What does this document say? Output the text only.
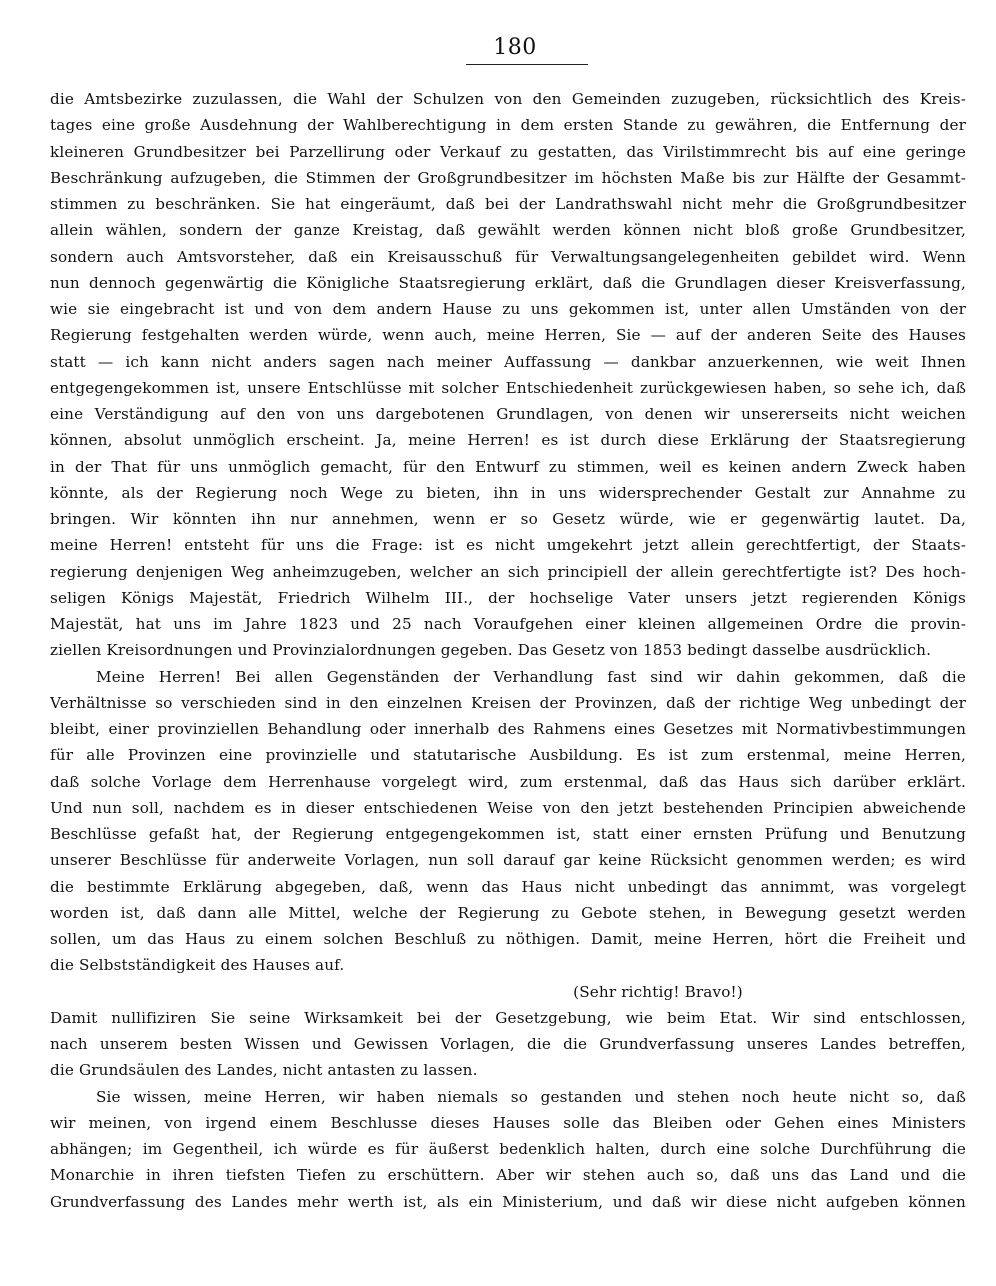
180
die Amtsbezirke zuzulassen, die Wahl der Schulzen von den Gemeinden zuzugeben, rücksichtlich des Kreis-
tages eine große Ausdehnung der Wahlberechtigung in dem ersten Stande zu gewähren, die Entfernung der
kleineren Grundbesitzer bei Parzellirung oder Verkauf zu gestatten, das Virilstimmrecht bis auf eine geringe
Beschränkung aufzugeben, die Stimmen der Großgrundbesitzer im höchsten Maße bis zur Hälfte der Gesammt-
stimmen zu beschränken. Sie hat eingeräumt, daß bei der Landrathswahl nicht mehr die Großgrundbesitzer
allein wählen, sondern der ganze Kreistag, daß gewählt werden können nicht bloß große Grundbesitzer,
sondern auch Amtsvorsteher, daß ein Kreisausschuß für Verwaltungsangelegenheiten gebildet wird. Wenn
nun dennoch gegenwärtig die Königliche Staatsregierung erklärt, daß die Grundlagen dieser Kreisverfassung,
wie sie eingebracht ist und von dem andern Hause zu uns gekommen ist, unter allen Umständen von der
Regierung festgehalten werden würde, wenn auch, meine Herren, Sie — auf der anderen Seite des Hauses
statt — ich kann nicht anders sagen nach meiner Auffassung — dankbar anzuerkennen, wie weit Ihnen
entgegengekommen ist, unsere Entschlüsse mit solcher Entschiedenheit zurückgewiesen haben, so sehe ich, daß
eine Verständigung auf den von uns dargebotenen Grundlagen, von denen wir unsererseits nicht weichen
können, absolut unmöglich erscheint. Ja, meine Herren! es ist durch diese Erklärung der Staatsregierung
in der That für uns unmöglich gemacht, für den Entwurf zu stimmen, weil es keinen andern Zweck haben
könnte, als der Regierung noch Wege zu bieten, ihn in uns widersprechender Gestalt zur Annahme zu
bringen. Wir könnten ihn nur annehmen, wenn er so Gesetz würde, wie er gegenwärtig lautet. Da,
meine Herren! entsteht für uns die Frage: ist es nicht umgekehrt jetzt allein gerechtfertigt, der Staats-
regierung denjenigen Weg anheimzugeben, welcher an sich principiell der allein gerechtfertigte ist? Des hoch-
seligen Königs Majestät, Friedrich Wilhelm III., der hochselige Vater unsers jetzt regierenden Königs
Majestät, hat uns im Jahre 1823 und 25 nach Voraufgehen einer kleinen allgemeinen Ordre die provin-
ziellen Kreisordnungen und Provinzialordnungen gegeben. Das Gesetz von 1853 bedingt dasselbe ausdrücklich.
Meine Herren! Bei allen Gegenständen der Verhandlung fast sind wir dahin gekommen, daß die
Verhältnisse so verschieden sind in den einzelnen Kreisen der Provinzen, daß der richtige Weg unbedingt der
bleibt, einer provinziellen Behandlung oder innerhalb des Rahmens eines Gesetzes mit Normativbestimmungen
für alle Provinzen eine provinzielle und statutarische Ausbildung. Es ist zum erstenmal, meine Herren,
daß solche Vorlage dem Herrenhause vorgelegt wird, zum erstenmal, daß das Haus sich darüber erklärt.
Und nun soll, nachdem es in dieser entschiedenen Weise von den jetzt bestehenden Principien abweichende
Beschlüsse gefaßt hat, der Regierung entgegengekommen ist, statt einer ernsten Prüfung und Benutzung
unserer Beschlüsse für anderweite Vorlagen, nun soll darauf gar keine Rücksicht genommen werden; es wird
die bestimmte Erklärung abgegeben, daß, wenn das Haus nicht unbedingt das annimmt, was vorgelegt
worden ist, daß dann alle Mittel, welche der Regierung zu Gebote stehen, in Bewegung gesetzt werden
sollen, um das Haus zu einem solchen Beschluß zu nöthigen. Damit, meine Herren, hört die Freiheit und
die Selbstständigkeit des Hauses auf.
(Sehr richtig! Bravo!)
Damit nullifiziren Sie seine Wirksamkeit bei der Gesetzgebung, wie beim Etat. Wir sind entschlossen,
nach unserem besten Wissen und Gewissen Vorlagen, die die Grundverfassung unseres Landes betreffen,
die Grundsäulen des Landes, nicht antasten zu lassen.
Sie wissen, meine Herren, wir haben niemals so gestanden und stehen noch heute nicht so, daß
wir meinen, von irgend einem Beschlusse dieses Hauses solle das Bleiben oder Gehen eines Ministers
abhängen; im Gegentheil, ich würde es für äußerst bedenklich halten, durch eine solche Durchführung die
Monarchie in ihren tiefsten Tiefen zu erschüttern. Aber wir stehen auch so, daß uns das Land und die
Grundverfassung des Landes mehr werth ist, als ein Ministerium, und daß wir diese nicht aufgeben können
